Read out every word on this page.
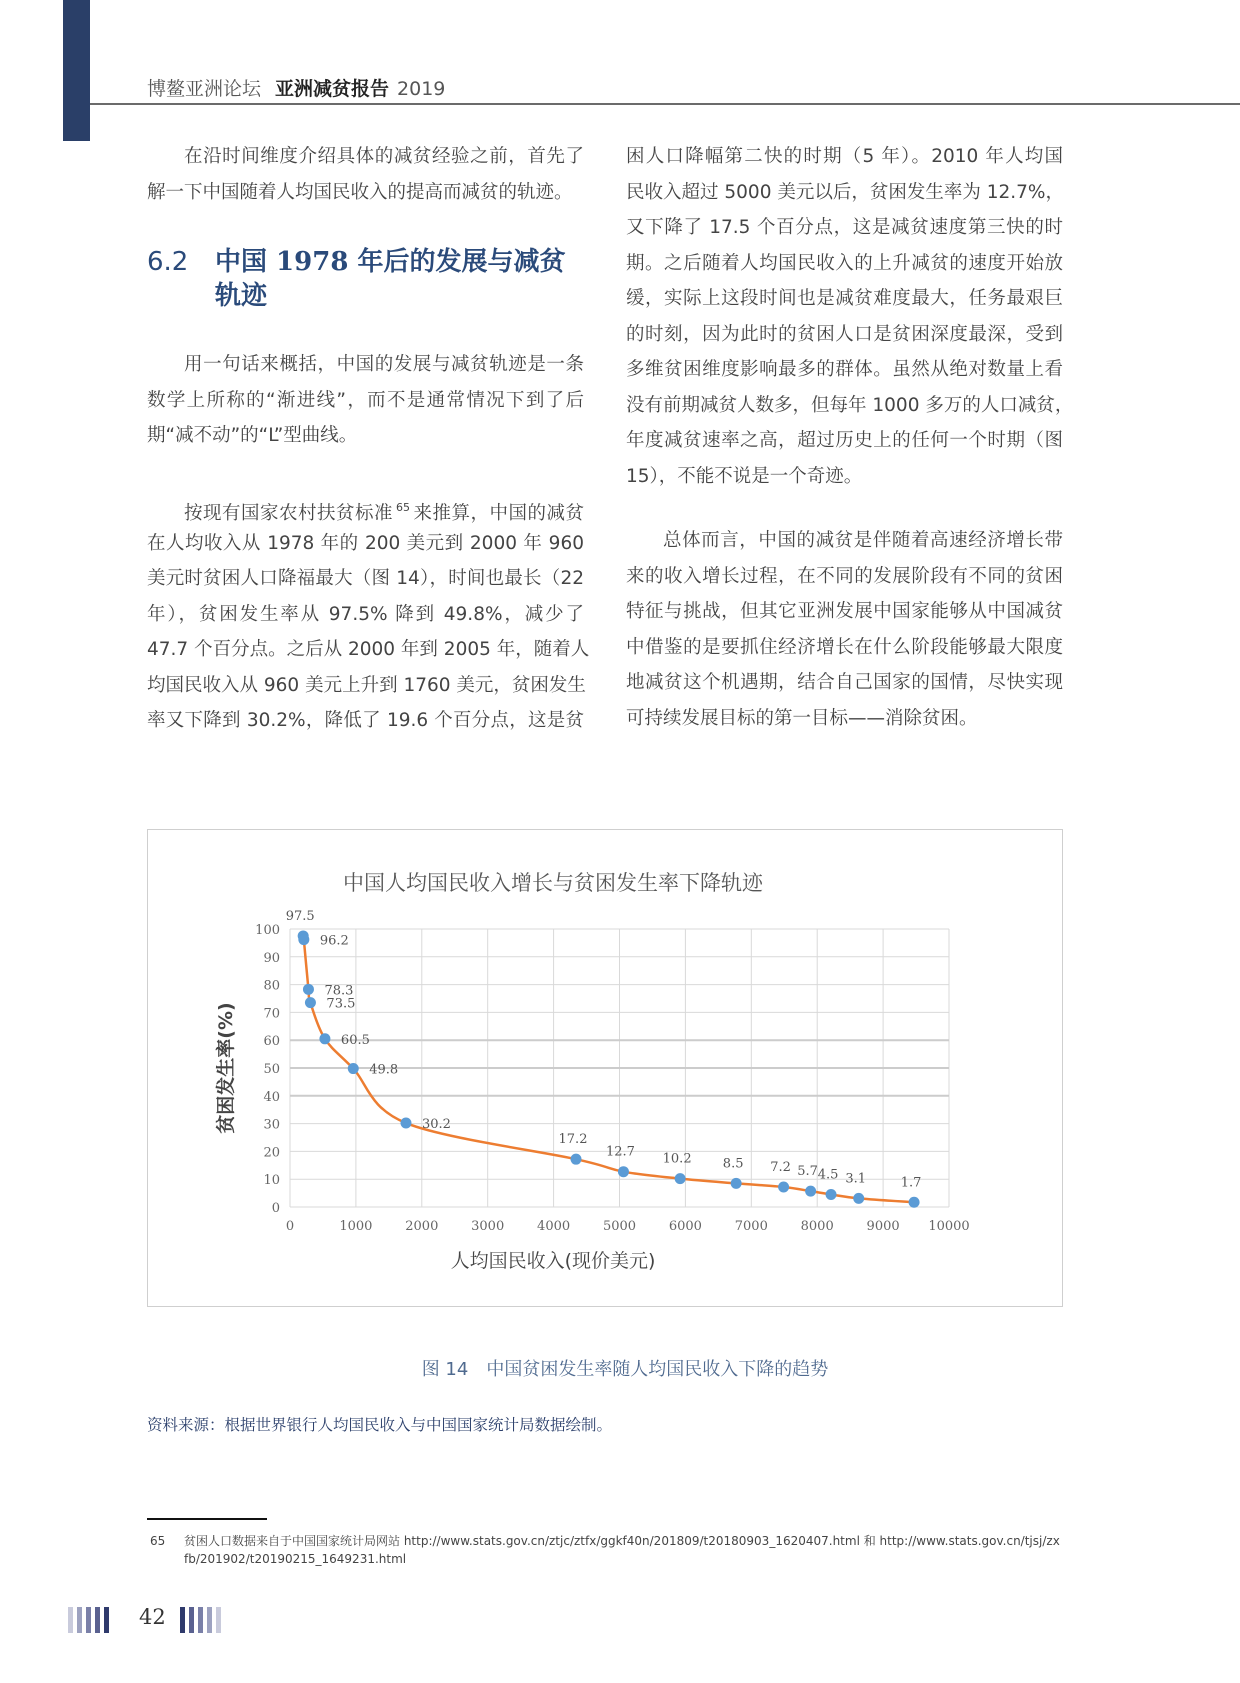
博鳌亚洲论坛 亚洲减贫报告 2019
在沿时间维度介绍具体的减贫经验之前，首先了
解一下中国随着人均国民收入的提高而减贫的轨迹。
6.2 中国 1978 年后的发展与减贫轨迹
用一句话来概括，中国的发展与减贫轨迹是一条
数学上所称的“渐进线”，而不是通常情况下到了后
期“减不动”的“L”型曲线。
按现有国家农村扶贫标准 $^{65}$ 来推算，中国的减贫
在人均收入从 1978 年的 200 美元到 2000 年 960
美元时贫困人口降福最大（图 14），时间也最长（22
年），贫困发生率从 97.5% 降到 49.8%，减少了
47.7 个百分点。之后从 2000 年到 2005 年，随着人
均国民收入从 960 美元上升到 1760 美元，贫困发生
率又下降到 30.2%，降低了 19.6 个百分点，这是贫
困人口降幅第二快的时期（5 年）。2010 年人均国
民收入超过 5000 美元以后，贫困发生率为 12.7%，
又下降了 17.5 个百分点，这是减贫速度第三快的时
期。之后随着人均国民收入的上升减贫的速度开始放
缓，实际上这段时间也是减贫难度最大，任务最艰巨
的时刻，因为此时的贫困人口是贫困深度最深，受到
多维贫困维度影响最多的群体。虽然从绝对数量上看
没有前期减贫人数多，但每年 1000 多万的人口减贫，
年度减贫速率之高，超过历史上的任何一个时期（图
15），不能不说是一个奇迹。
总体而言，中国的减贫是伴随着高速经济增长带
来的收入增长过程，在不同的发展阶段有不同的贫困
特征与挑战，但其它亚洲发展中国家能够从中国减贫
中借鉴的是要抓住经济增长在什么阶段能够最大限度
地减贫这个机遇期，结合自己国家的国情，尽快实现
可持续发展目标的第一目标——消除贫困。
中国人均国民收入增长与贫困发生率下降轨迹
0	1000	2000	3000	4000	5000	6000	7000	8000	9000 10000
0
10
20
30
40
50
60
70
80
90
100
人均国民收入(现价美元)
贫困发生率(%)
97.5
96.2
78.3
73.5
60.5
49.8
30.2
17.2
12.7 10.2 8.5 7.2 5.7 4.5 3.1	1.7
图 14　中国贫困发生率随人均国民收入下降的趋势
资料来源：根据世界银行人均国民收入与中国国家统计局数据绘制。
65 贫困人口数据来自于中国国家统计局网站 http://www.stats.gov.cn/ztjc/ztfx/ggkf40n/201809/t20180903_1620407.html 和 http://www.stats.gov.cn/tjsj/zxfb/201902/t20190215_1649231.html
42
